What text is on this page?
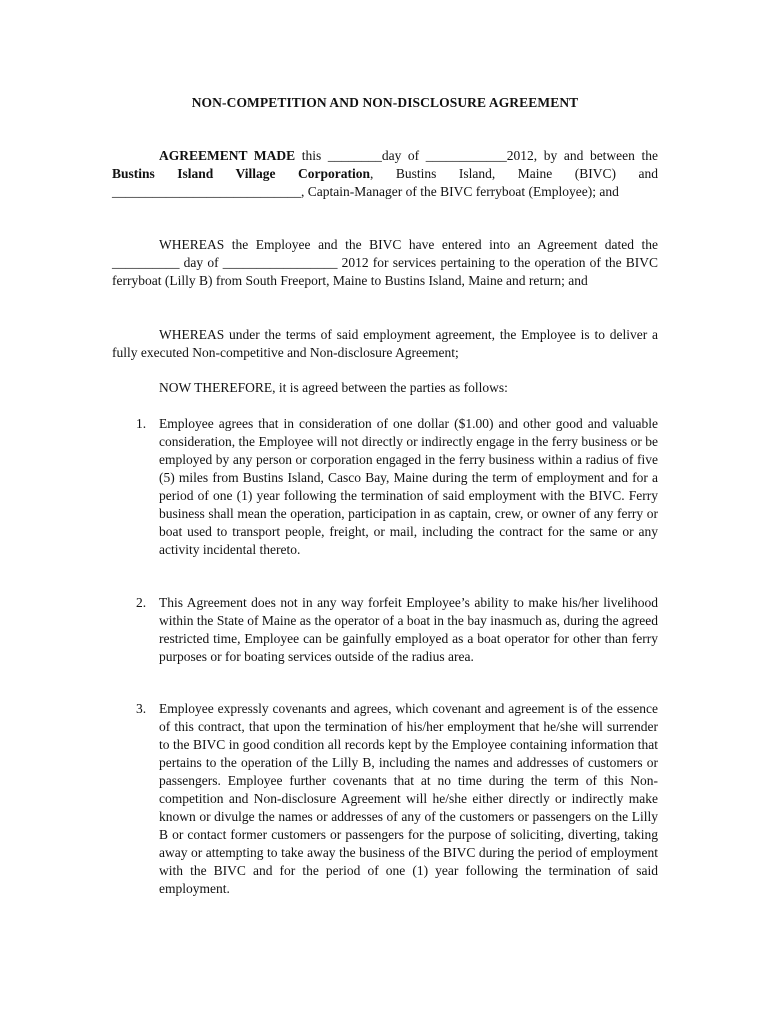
NON-COMPETITION AND NON-DISCLOSURE AGREEMENT
AGREEMENT MADE this ________day of ____________2012, by and between the Bustins Island Village Corporation, Bustins Island, Maine (BIVC) and ____________________________, Captain-Manager of the BIVC ferryboat (Employee); and
WHEREAS the Employee and the BIVC have entered into an Agreement dated the __________ day of _________________ 2012 for services pertaining to the operation of the BIVC ferryboat (Lilly B) from South Freeport, Maine to Bustins Island, Maine and return; and
WHEREAS under the terms of said employment agreement, the Employee is to deliver a fully executed Non-competitive and Non-disclosure Agreement;
NOW THEREFORE, it is agreed between the parties as follows:
1. Employee agrees that in consideration of one dollar ($1.00) and other good and valuable consideration, the Employee will not directly or indirectly engage in the ferry business or be employed by any person or corporation engaged in the ferry business within a radius of five (5) miles from Bustins Island, Casco Bay, Maine during the term of employment and for a period of one (1) year following the termination of said employment with the BIVC. Ferry business shall mean the operation, participation in as captain, crew, or owner of any ferry or boat used to transport people, freight, or mail, including the contract for the same or any activity incidental thereto.
2. This Agreement does not in any way forfeit Employee’s ability to make his/her livelihood within the State of Maine as the operator of a boat in the bay inasmuch as, during the agreed restricted time, Employee can be gainfully employed as a boat operator for other than ferry purposes or for boating services outside of the radius area.
3. Employee expressly covenants and agrees, which covenant and agreement is of the essence of this contract, that upon the termination of his/her employment that he/she will surrender to the BIVC in good condition all records kept by the Employee containing information that pertains to the operation of the Lilly B, including the names and addresses of customers or passengers. Employee further covenants that at no time during the term of this Non-competition and Non-disclosure Agreement will he/she either directly or indirectly make known or divulge the names or addresses of any of the customers or passengers on the Lilly B or contact former customers or passengers for the purpose of soliciting, diverting, taking away or attempting to take away the business of the BIVC during the period of employment with the BIVC and for the period of one (1) year following the termination of said employment.
